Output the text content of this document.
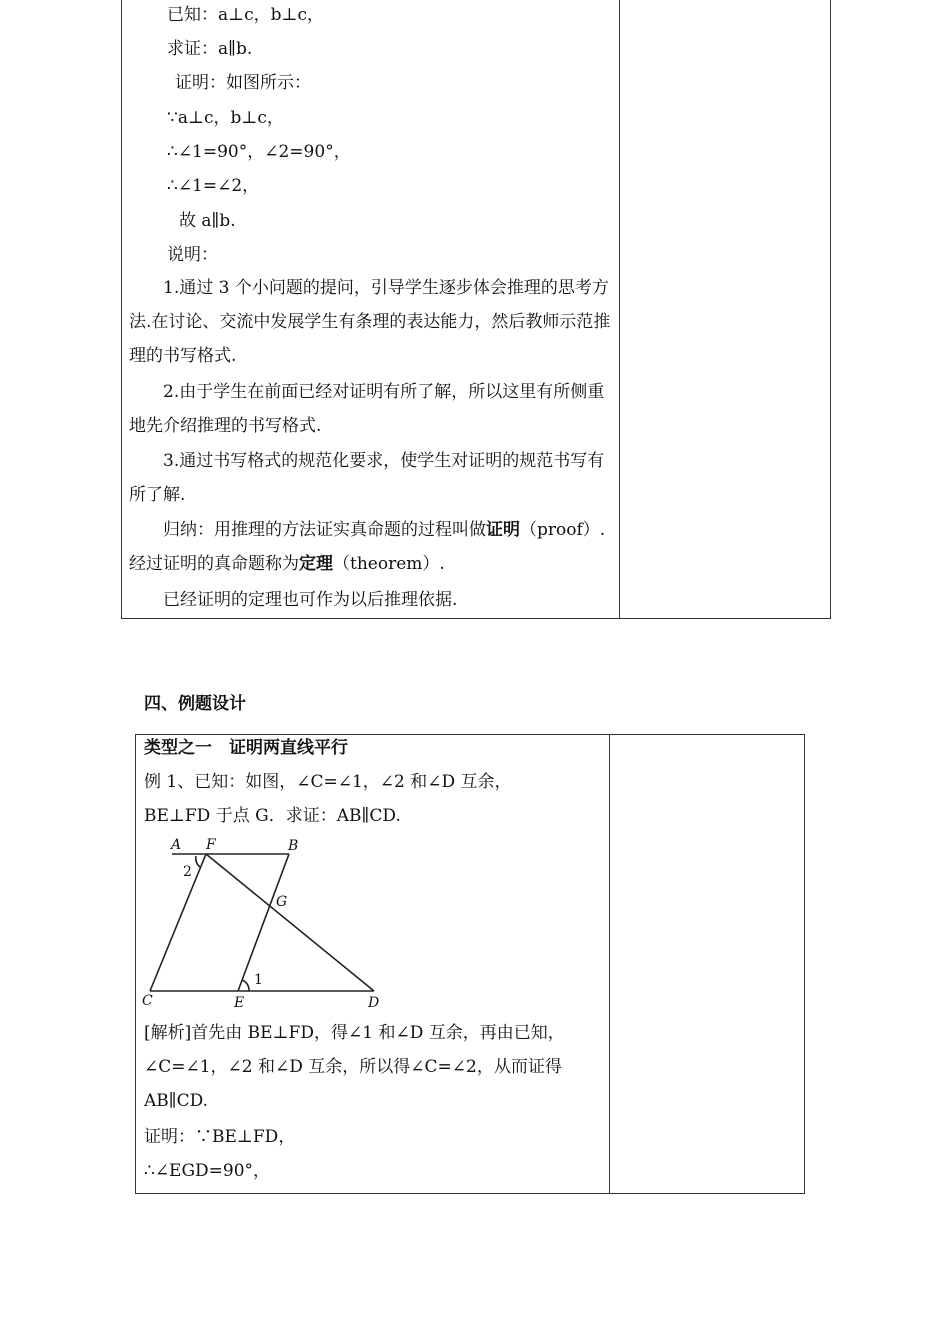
已知：a⊥c，b⊥c，
求证：a∥b.
证明：如图所示：
∵a⊥c，b⊥c，
∴∠1=90°，∠2=90°，
∴∠1=∠2，
故 a∥b.
说明：
1.通过 3 个小问题的提问，引导学生逐步体会推理的思考方法.在讨论、交流中发展学生有条理的表达能力，然后教师示范推理的书写格式.
2.由于学生在前面已经对证明有所了解，所以这里有所侧重地先介绍推理的书写格式.
3.通过书写格式的规范化要求，使学生对证明的规范书写有所了解.
归纳：用推理的方法证实真命题的过程叫做证明（proof）.经过证明的真命题称为定理（theorem）.
已经证明的定理也可作为以后推理依据.
四、例题设计
类型之一　证明两直线平行
例 1、已知：如图，∠C=∠1，∠2 和∠D 互余，
BE⊥FD 于点 G．求证：AB∥CD.
A F	B
G
C	E	D
1
2
[解析]首先由 BE⊥FD，得∠1 和∠D 互余，再由已知，∠C=∠1，∠2 和∠D 互余，所以得∠C=∠2，从而证得 AB∥CD.
证明：∵BE⊥FD，
∴∠EGD=90°，
